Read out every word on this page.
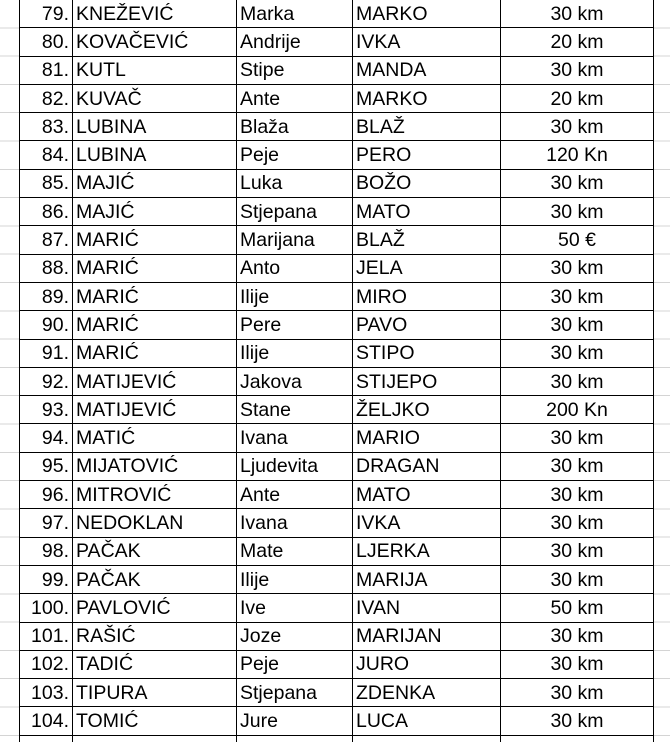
79.	KNEŽEVIĆ	Marka	MARKO	30 km
80.	KOVAČEVIĆ	Andrije	IVKA	20 km
81.	KUTL	Stipe	MANDA	30 km
82.	KUVAČ	Ante	MARKO	20 km
83.	LUBINA	Blaža	BLAŽ	30 km
84.	LUBINA	Peje	PERO	120 Kn
85.	MAJIĆ	Luka	BOŽO	30 km
86.	MAJIĆ	Stjepana	MATO	30 km
87.	MARIĆ	Marijana	BLAŽ	50 €
88.	MARIĆ	Anto	JELA	30 km
89.	MARIĆ	Ilije	MIRO	30 km
90.	MARIĆ	Pere	PAVO	30 km
91.	MARIĆ	Ilije	STIPO	30 km
92.	MATIJEVIĆ	Jakova	STIJEPO	30 km
93.	MATIJEVIĆ	Stane	ŽELJKO	200 Kn
94.	MATIĆ	Ivana	MARIO	30 km
95.	MIJATOVIĆ	Ljudevita	DRAGAN	30 km
96.	MITROVIĆ	Ante	MATO	30 km
97.	NEDOKLAN	Ivana	IVKA	30 km
98.	PAČAK	Mate	LJERKA	30 km
99.	PAČAK	Ilije	MARIJA	30 km
100.	PAVLOVIĆ	Ive	IVAN	50 km
101.	RAŠIĆ	Joze	MARIJAN	30 km
102.	TADIĆ	Peje	JURO	30 km
103.	TIPURA	Stjepana	ZDENKA	30 km
104.	TOMIĆ	Jure	LUCA	30 km
